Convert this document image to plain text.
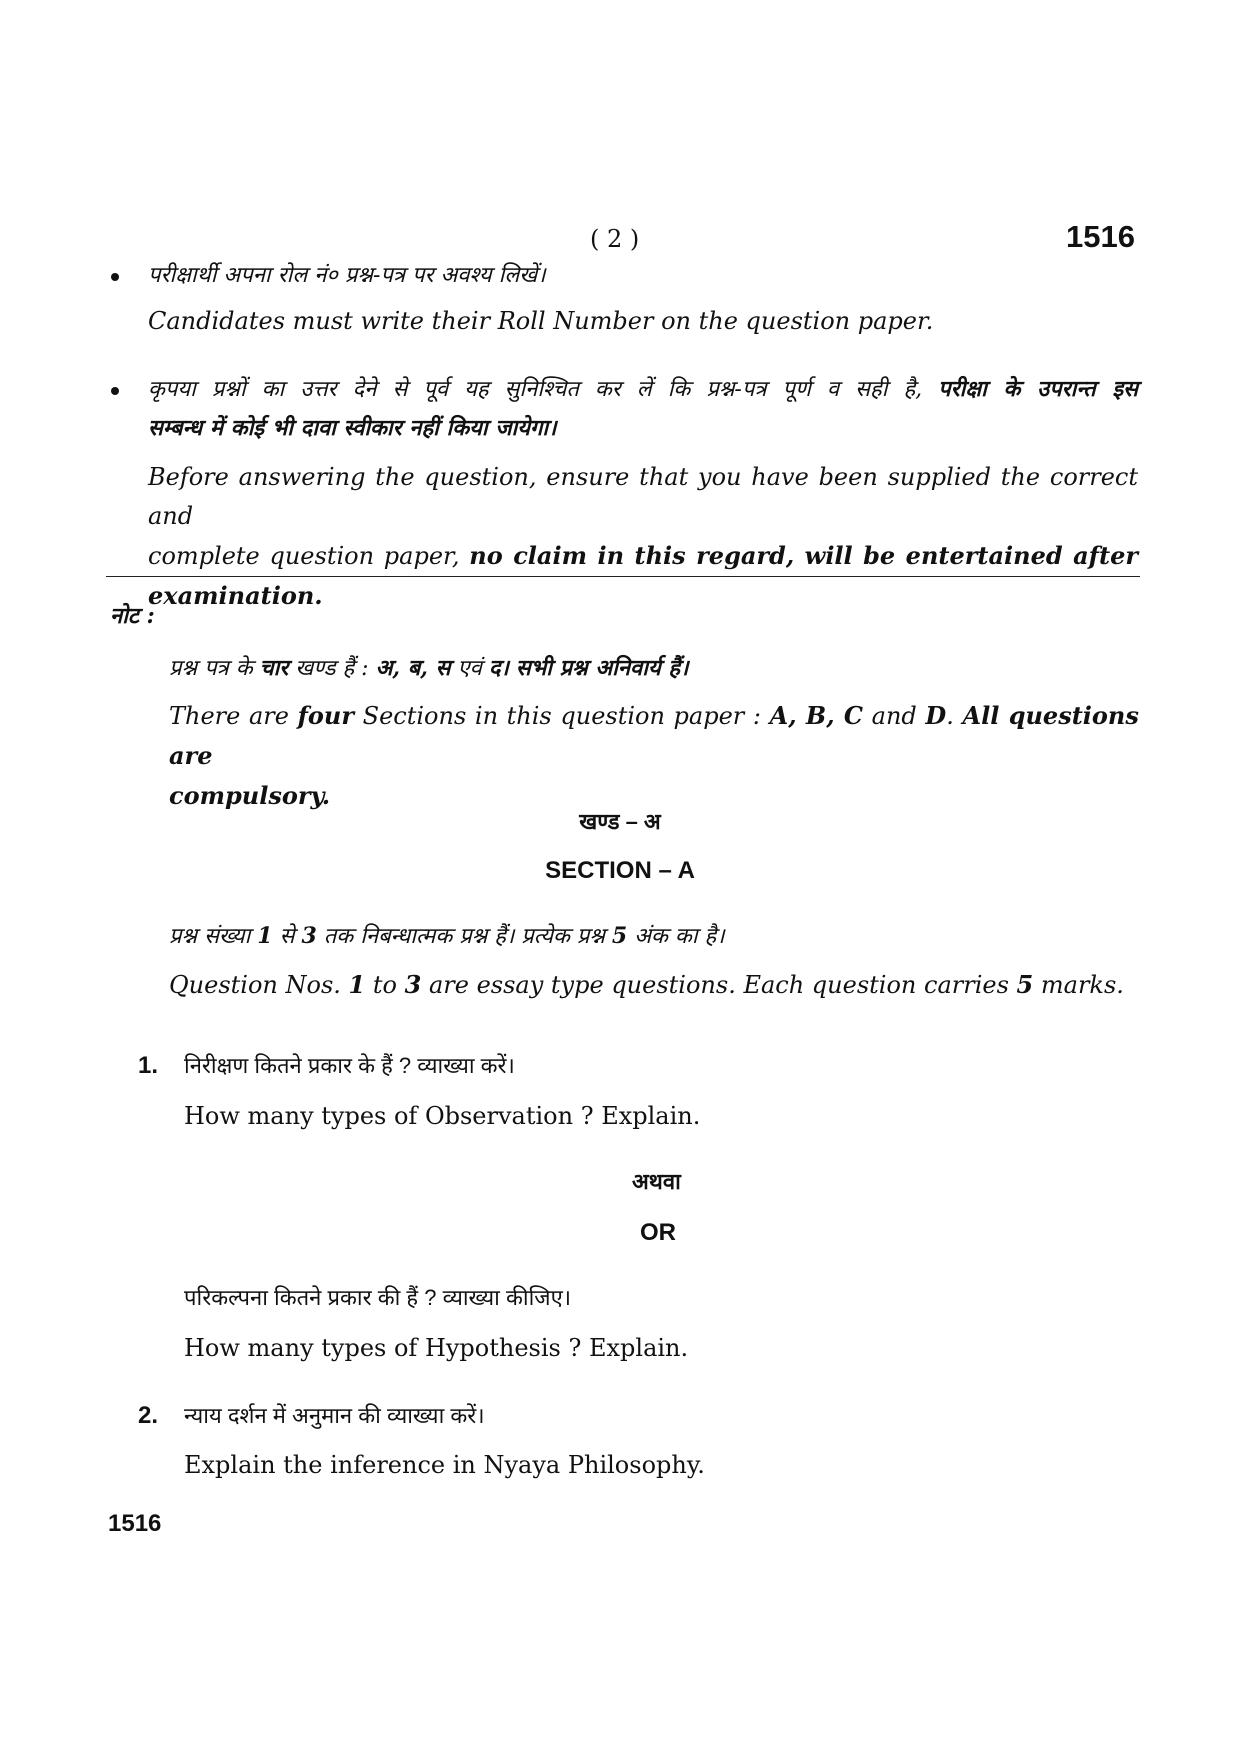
( 2 )	1516
परीक्षार्थी अपना रोल नं० प्रश्न-पत्र पर अवश्य लिखें।
Candidates must write their Roll Number on the question paper.
कृपया प्रश्नों का उत्तर देने से पूर्व यह सुनिश्चित कर लें कि प्रश्न-पत्र पूर्ण व सही है, परीक्षा के उपरान्त इस
सम्बन्ध में कोई भी दावा स्वीकार नहीं किया जायेगा।
Before answering the question, ensure that you have been supplied the correct and
complete question paper, no claim in this regard, will be entertained after
examination.
नोट :
प्रश्न पत्र के चार खण्ड हैं : अ, ब, स एवं द। सभी प्रश्न अनिवार्य हैं।
There are four Sections in this question paper : A, B, C and D. All questions are
compulsory.
खण्ड – अ
SECTION – A
प्रश्न संख्या 1 से 3 तक निबन्धात्मक प्रश्न हैं। प्रत्येक प्रश्न 5 अंक का है।
Question Nos. 1 to 3 are essay type questions. Each question carries 5 marks.
1. निरीक्षण कितने प्रकार के हैं ? व्याख्या करें।
How many types of Observation ? Explain.
अथवा
OR
परिकल्पना कितने प्रकार की हैं ? व्याख्या कीजिए।
How many types of Hypothesis ? Explain.
2. न्याय दर्शन में अनुमान की व्याख्या करें।
Explain the inference in Nyaya Philosophy.
1516
